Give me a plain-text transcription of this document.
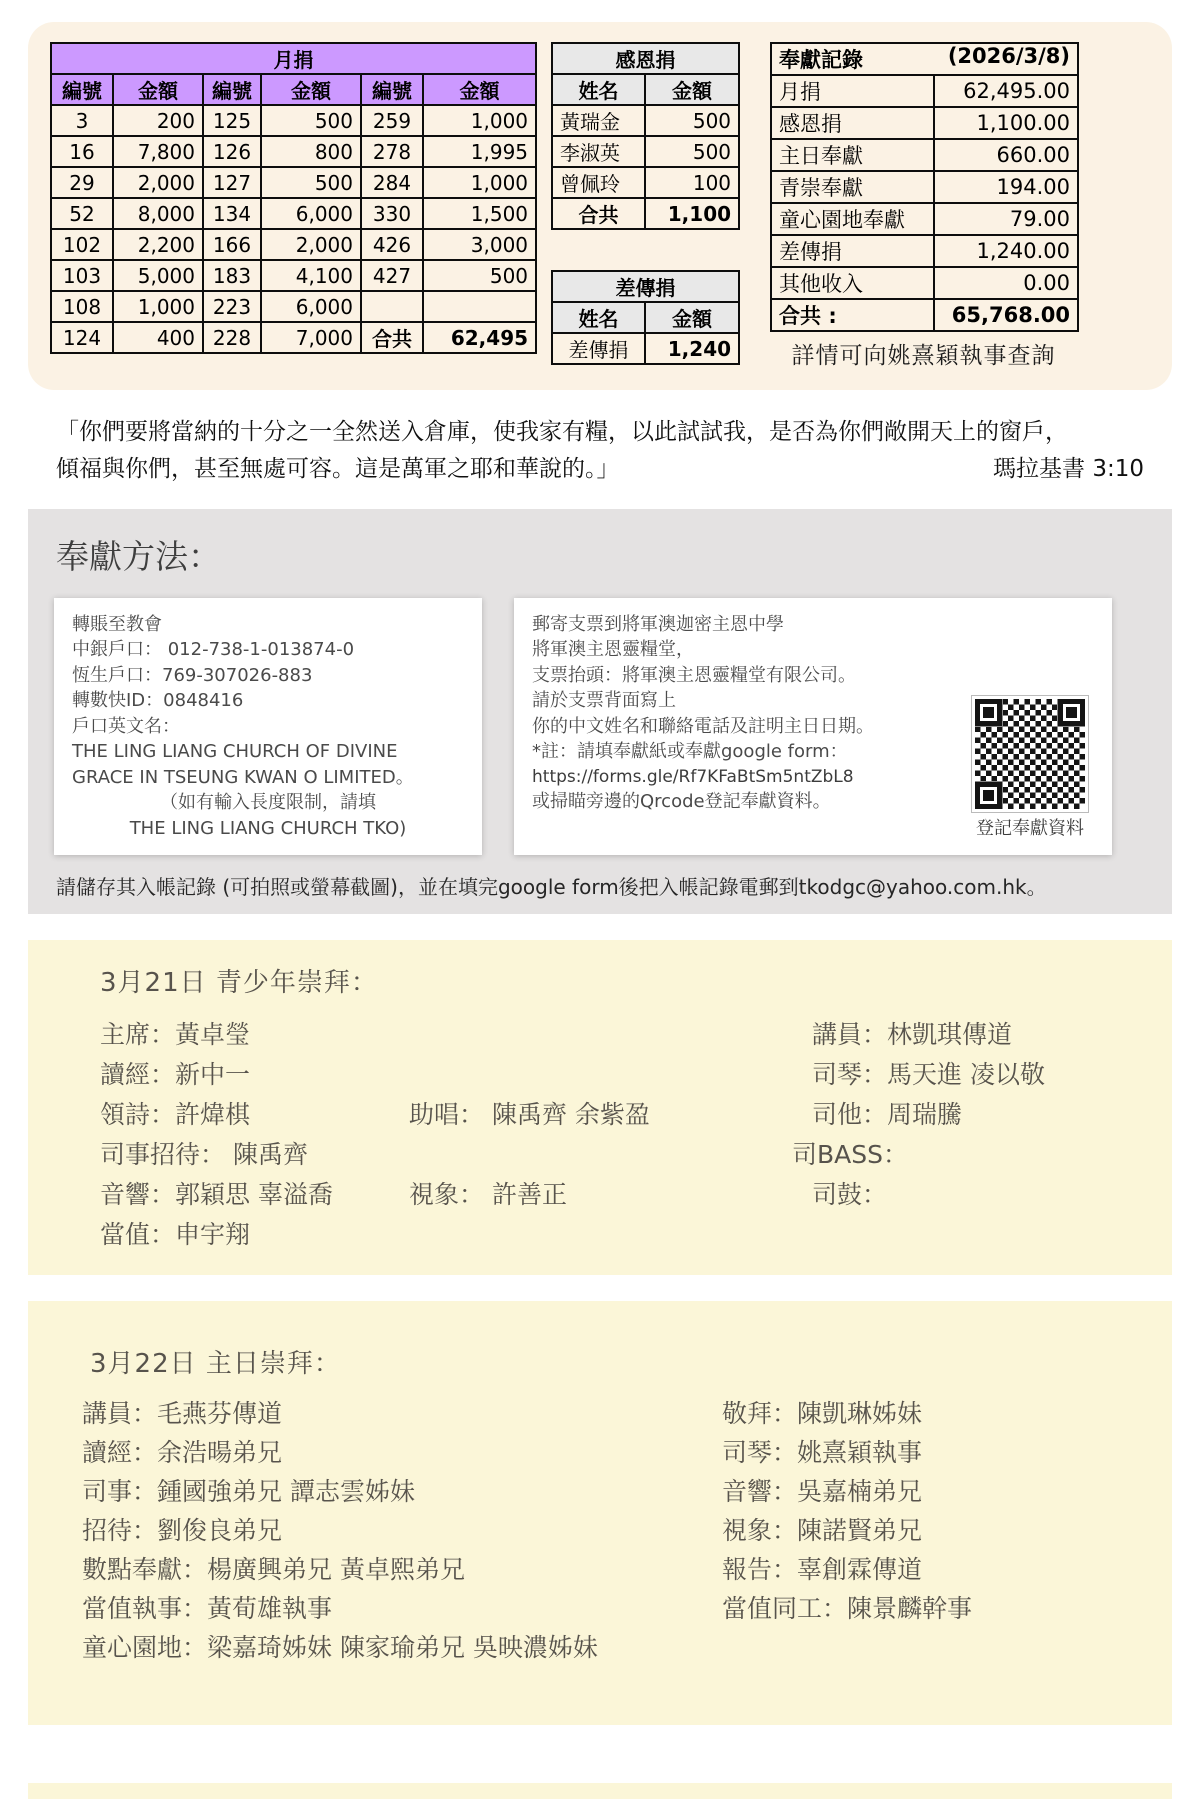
月捐					
編號	金額	編號	金額	編號	金額
3	200	125	500	259	1,000
16	7,800	126	800	278	1,995
29	2,000	127	500	284	1,000
52	8,000	134	6,000	330	1,500
102	2,200	166	2,000	426	3,000
103	5,000	183	4,100	427	500
108	1,000	223	6,000		
124	400	228	7,000	合共	62,495
感恩捐	
姓名	金額
黃瑞金	500
李淑英	500
曾佩玲	100
合共	1,100
差傳捐	
姓名	金額
差傳捐	1,240
奉獻記錄 (2026/3/8)	

月捐	62,495.00
感恩捐	1,100.00
主日奉獻	660.00
青崇奉獻	194.00
童心園地奉獻	79.00
差傳捐	1,240.00
其他收入	0.00
合共 :	65,768.00
詳情可向姚熹穎執事查詢
「你們要將當納的十分之一全然送入倉庫，使我家有糧，以此試試我，是否為你們敞開天上的窗戶，
傾福與你們，甚至無處可容。這是萬軍之耶和華說的。」	瑪拉基書 3:10
奉獻方法：
轉賬至教會
中銀戶口： 012-738-1-013874-0
恆生戶口：769-307026-883
轉數快ID：0848416
戶口英文名：
THE LING LIANG CHURCH OF DIVINE
GRACE IN TSEUNG KWAN O LIMITED。
（如有輸入長度限制，請填
THE LING LIANG CHURCH TKO)
郵寄支票到將軍澳迦密主恩中學
將軍澳主恩靈糧堂，
支票抬頭：將軍澳主恩靈糧堂有限公司。
請於支票背面寫上
你的中文姓名和聯絡電話及註明主日日期。
*註：請填奉獻紙或奉獻google form：
https://forms.gle/Rf7KFaBtSm5ntZbL8
或掃瞄旁邊的Qrcode登記奉獻資料。
登記奉獻資料
請儲存其入帳記錄 (可拍照或螢幕截圖)，並在填完google form後把入帳記錄電郵到tkodgc@yahoo.com.hk。
3月21日 青少年崇拜：
主席：黃卓瑩	講員：林凱琪傳道
讀經：新中一	司琴：馬天進 凌以敬
領詩：許煒棋	助唱： 陳禹齊 余紫盈	司他：周瑞騰
司事招待： 陳禹齊	司BASS：
音響：郭穎思 辜溢喬	視象： 許善正	司鼓：
當值：申宇翔
3月22日 主日崇拜：
講員：毛燕芬傳道	敬拜：陳凱琳姊妹
讀經：余浩暘弟兄	司琴：姚熹穎執事
司事：鍾國強弟兄 譚志雲姊妹	音響：吳嘉楠弟兄
招待：劉俊良弟兄	視象：陳諾賢弟兄
數點奉獻：楊廣興弟兄 黃卓熙弟兄	報告：辜創霖傳道
當值執事：黃荀雄執事	當值同工：陳景麟幹事
童心園地：梁嘉琦姊妹 陳家瑜弟兄 吳映濃姊妹
